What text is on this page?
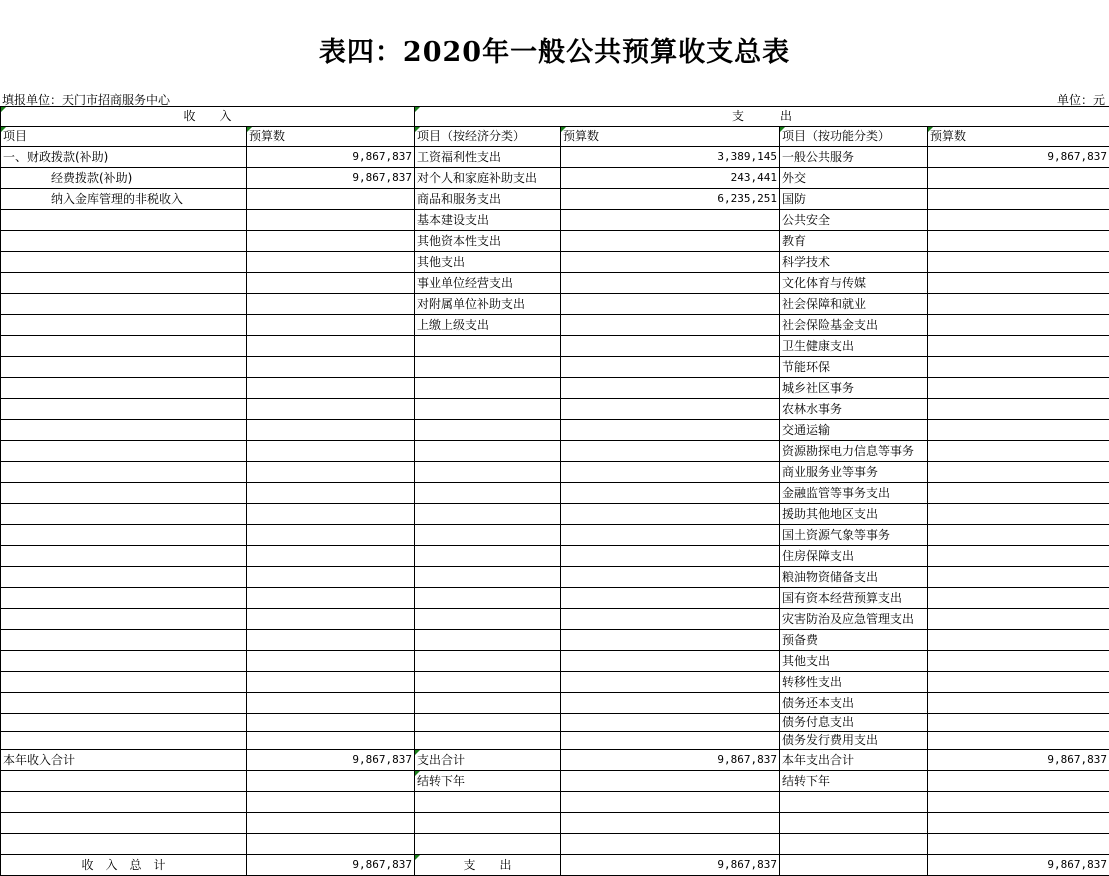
表四：2020年一般公共预算收支总表
填报单位：天门市招商服务中心	单位：元
收　　入		支　　　出			
项目	预算数	项目（按经济分类）	预算数	项目（按功能分类）	预算数
一、财政拨款(补助)	9,867,837	工资福利性支出	3,389,145	一般公共服务	9,867,837
经费拨款(补助)	9,867,837	对个人和家庭补助支出	243,441	外交	
纳入金库管理的非税收入		商品和服务支出	6,235,251	国防	
		基本建设支出		公共安全	
		其他资本性支出		教育	
		其他支出		科学技术	
		事业单位经营支出		文化体育与传媒	
		对附属单位补助支出		社会保障和就业	
		上缴上级支出		社会保险基金支出	
				卫生健康支出	
				节能环保	
				城乡社区事务	
				农林水事务	
				交通运输	
				资源勘探电力信息等事务	
				商业服务业等事务	
				金融监管等事务支出	
				援助其他地区支出	
				国土资源气象等事务	
				住房保障支出	
				粮油物资储备支出	
				国有资本经营预算支出	
				灾害防治及应急管理支出	
				预备费	
				其他支出	
				转移性支出	
				债务还本支出	
				债务付息支出	
				债务发行费用支出	
本年收入合计	9,867,837	支出合计	9,867,837	本年支出合计	9,867,837
		结转下年		结转下年	

收　入　总　计	9,867,837	支　　出	9,867,837		9,867,837
